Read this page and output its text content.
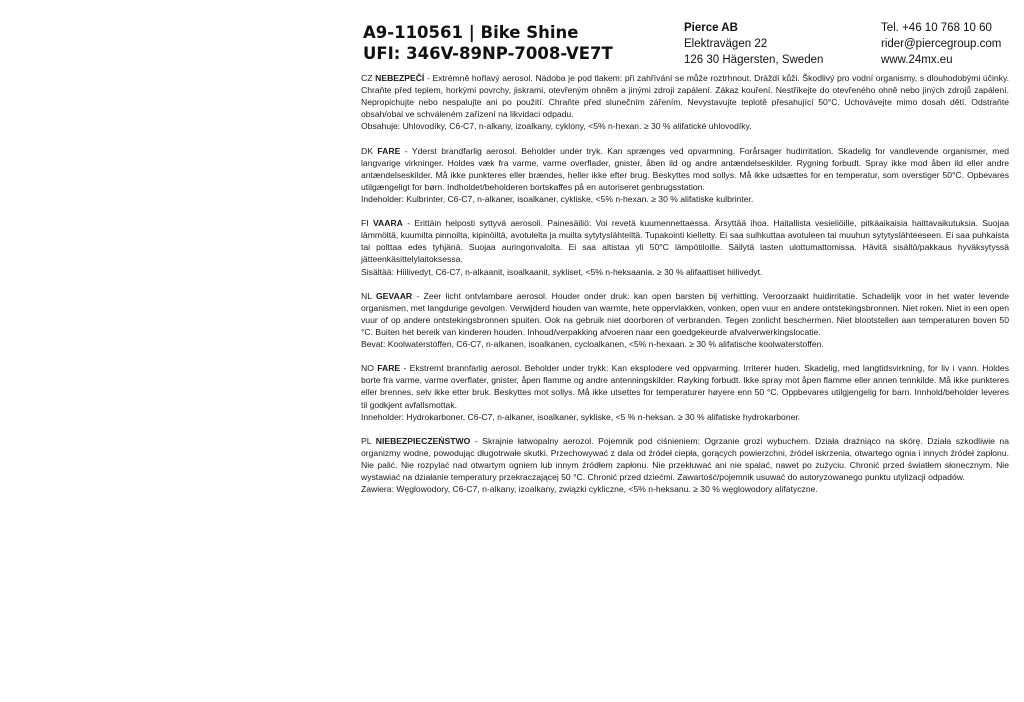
A9-110561 | Bike Shine
UFI: 346V-89NP-7008-VE7T
Pierce AB
Elektravägen 22
126 30 Hägersten, Sweden
Tel. +46 10 768 10 60
rider@piercegroup.com
www.24mx.eu

CZ NEBEZPEČÍ - Extrémně hořlavý aerosol. Nádoba je pod tlakem: při zahřívání se může roztrhnout. Dráždí kůži. Škodlivý pro vodní organismy, s dlouhodobými účinky. Chraňte před teplem, horkými povrchy, jiskrami, otevřeným ohněm a jinými zdroji zapálení. Zákaz kouření. Nestříkejte do otevřeného ohně nebo jiných zdrojů zapálení. Nepropichujte nebo nespalujte ani po použití. Chraňte před slunečním zářením. Nevystavujte teplotě přesahující 50°C. Uchovávejte mimo dosah dětí. Odstraňte obsah/obal ve schváleném zařízení na likvidaci odpadu.

Obsahuje: Uhlovodíky, C6-C7, n-alkany, izoalkany, cyklony, <5% n-hexan. ≥ 30 % alifatické uhlovodíky.

DK FARE - Yderst brandfarlig aerosol. Beholder under tryk. Kan sprænges ved opvarmning. Forårsager hudirritation. Skadelig for vandlevende organismer, med langvarige virkninger. Holdes væk fra varme, varme overflader, gnister, åben ild og andre antændelseskilder. Rygning forbudt. Spray ikke mod åben ild eller andre antændelseskilder. Må ikke punkteres eller brændes, heller ikke efter brug. Beskyttes mod sollys. Må ikke udsættes for en temperatur, som overstiger 50°C. Opbevares utilgængeligt for børn. Indholdet/beholderen bortskaffes på en autoriseret genbrugsstation.

Indeholder: Kulbrinter, C6-C7, n-alkaner, isoalkaner, cykliske, <5% n-hexan. ≥ 30 % alifatiske kulbrinter.

FI VAARA - Erittäin helposti syttyvä aerosoli. Painesäiliö: Voi revetä kuumennettaessa. Ärsyttää ihoa. Haitallista vesieliöille, pitkäaikaisia haittavaikutuksia. Suojaa lämmöltä, kuumilta pinnoilta, kipinöiltä, avotulelta ja muilta sytytyslähteiltä. Tupakointi kielletty. Ei saa suihkuttaa avotuleen tai muuhun sytytyslähteeseen. Ei saa puhkaista tai polttaa edes tyhjänä. Suojaa auringonvalolta. Ei saa altistaa yli 50°C lämpötiloille. Säilytä lasten ulottumattomissa. Hävitä sisältö/pakkaus hyväksytyssä jätteenkäsittelylaitoksessa.

Sisältää: Hiilivedyt, C6-C7, n-alkaanit, isoalkaanit, sykliset, <5% n-heksaania. ≥ 30 % alifaattiset hiilivedyt.

NL GEVAAR - Zeer licht ontvlambare aerosol. Houder onder druk: kan open barsten bij verhitting. Veroorzaakt huidirritatie. Schadelijk voor in het water levende organismen, met langdurige gevolgen. Verwijderd houden van warmte, hete oppervlakken, vonken, open vuur en andere ontstekingsbronnen. Niet roken. Niet in een open vuur of op andere ontstekingsbronnen spuiten. Ook na gebruik niet doorboren of verbranden. Tegen zonlicht beschermen. Niet blootstellen aan temperaturen boven 50 °C. Buiten het bereik van kinderen houden. Inhoud/verpakking afvoeren naar een goedgekeurde afvalverwerkingslocatie.

Bevat: Koolwaterstoffen, C6-C7, n-alkanen, isoalkanen, cycloalkanen, <5% n-hexaan. ≥ 30 % alifatische koolwaterstoffen.

NO FARE - Ekstremt brannfarlig aerosol. Beholder under trykk: Kan eksplodere ved oppvarming. Irriterer huden. Skadelig, med langtidsvirkning, for liv i vann. Holdes borte fra varme, varme overflater, gnister, åpen flamme og andre antenningskilder. Røyking forbudt. Ikke spray mot åpen flamme eller annen tennkilde. Må ikke punkteres eller brennes, selv ikke etter bruk. Beskyttes mot sollys. Må ikke utsettes for temperaturer høyere enn 50 °C. Oppbevares utilgjengelig for barn. Innhold/beholder leveres til godkjent avfallsmottak.

Inneholder: Hydrokarboner, C6-C7, n-alkaner, isoalkaner, sykliske, <5 % n-heksan. ≥ 30 % alifatiske hydrokarboner.

PL NIEBEZPIECZEŃSTWO - Skrajnie łatwopalny aerozol. Pojemnik pod ciśnieniem: Ogrzanie grozi wybuchem. Działa drażniąco na skórę. Działa szkodliwie na organizmy wodne, powodując długotrwałe skutki. Przechowywać z dala od źródeł ciepła, gorących powierzchni, źródeł iskrzenia, otwartego ognia i innych źródeł zapłonu. Nie palić. Nie rozpylać nad otwartym ogniem lub innym źródłem zapłonu. Nie przekłuwać ani nie spalać, nawet po zużyciu. Chronić przed światłem słonecznym. Nie wystawiać na działanie temperatury przekraczającej 50 °C. Chronić przed dziećmi. Zawartość/pojemnik usuwać do autoryzowanego punktu utylizacji odpadów.

Zawiera: Węglowodory, C6-C7, n-alkany, izoalkany, związki cykliczne, <5% n-heksanu. ≥ 30 % węglowodory alifatyczne.
